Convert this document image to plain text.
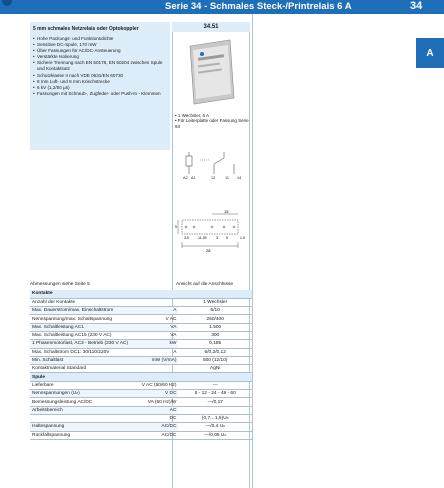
Serie 34 - Schmales Steck-/Printrelais 6 A	34
A
5 mm schmales Netzrelais oder Optokoppler
• Hohe Packungs- und Funktionsdichte
• Sensitive DC-Spule, 170 mW
• Über Fassungen für AC/DC-Ansteuerung
• Verstärkte Isolierung
• Sichere Trennung nach EN 50178, EN 60204 zwischen Spule und Kontaktsatz
• Schutzklasse II nach VDE 0631/EN 60730
• 8 mm Luft- und 8 mm Kriechstrecke
• 6 kV (1,2/50 µs)
• Fassungen mit Schraub-, Zugfeder- oder Push-In - Klemmen
34.51
• 1 Wechsler, 6 A
• Für Leiterplatte oder Fassung Serie 93
A2 A1	12	11 14
15
5
3.5	11.25	3 5	1.9
28
Abmessungen siehe Seite 5	Ansicht auf die Anschlüsse
Kontakte		
Anzahl der Kontakte		1 Wechsler
Max. Dauerstrom/max. Einschaltstrom	A	6/10
Nennspannung/max. Schaltspannung	V AC	250/400
Max. Schaltleistung AC1	VA	1.500
Max. Schaltleistung AC15 (230 V AC)	VA	300
1 Phasenmotorlast, AC3 - Betrieb (230 V AC)	kW	0,185
Max. Schaltstrom DC1: 30/110/220V	A	6/0,2/0,12
Min. Schaltlast	mW (V/mA)	500 (12/10)
Kontaktmaterial Standard		AgNi
Spule		
Lieferbare	V AC (50/60 Hz)	—
Nennspannungen (Uₙ)	V DC	5 - 12 - 24 - 48 - 60
Bemessungsleistung AC/DC	VA (50 Hz)/W	—/0,17
Arbeitsbereich	AC	
	DC	(0,7…1,5)Uₙ
Haltespannung	AC/DC	—/0,4 Uₙ
Rückfallspannung	AC/DC	—/0,05 Uₙ
